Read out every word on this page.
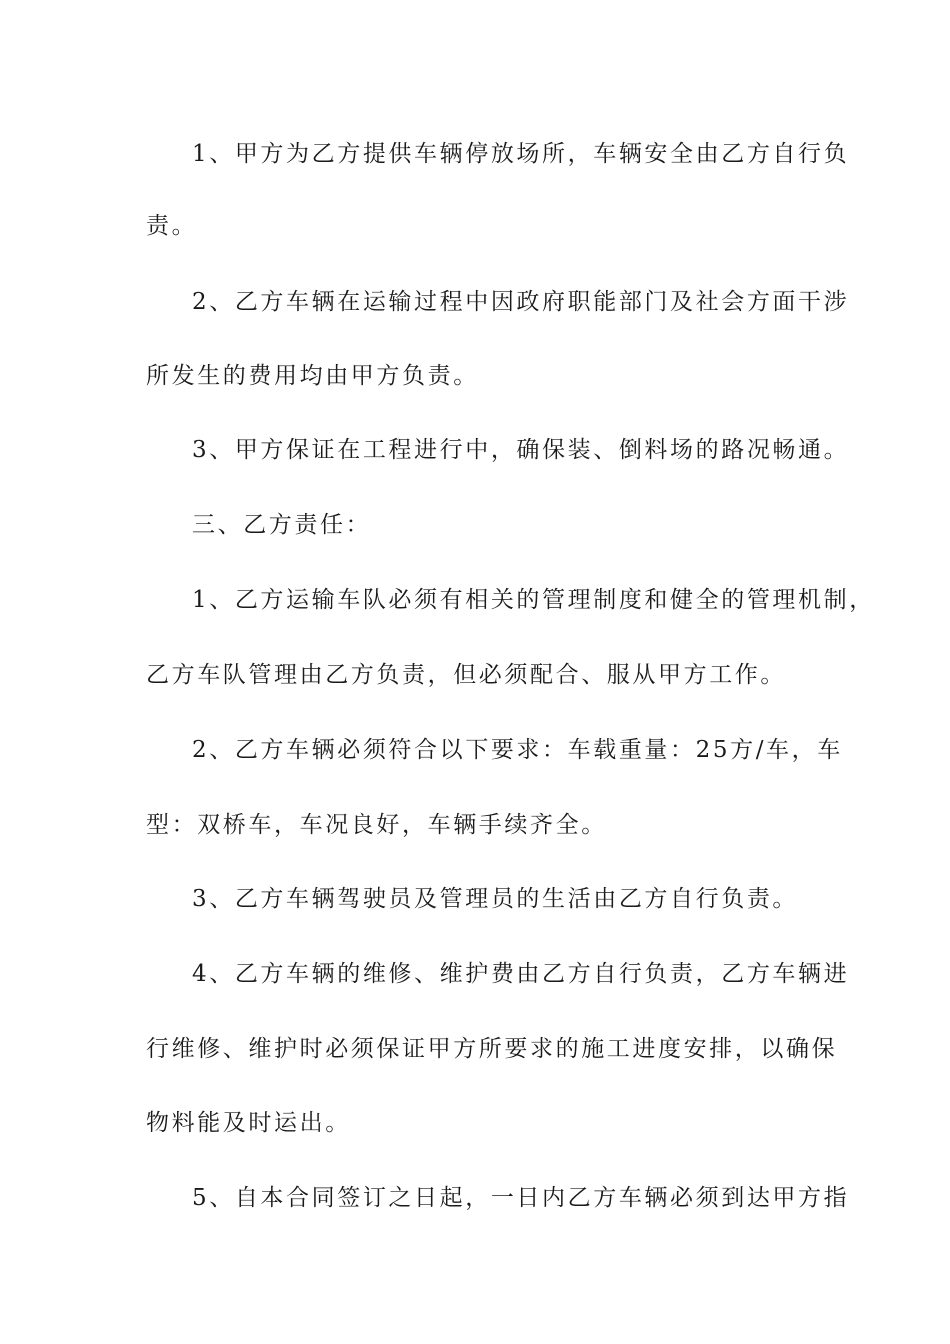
1、甲方为乙方提供车辆停放场所，车辆安全由乙方自行负
责。
2、乙方车辆在运输过程中因政府职能部门及社会方面干涉
所发生的费用均由甲方负责。
3、甲方保证在工程进行中，确保装、倒料场的路况畅通。
三、乙方责任：
1、乙方运输车队必须有相关的管理制度和健全的管理机制，
乙方车队管理由乙方负责，但必须配合、服从甲方工作。
2、乙方车辆必须符合以下要求：车载重量：25方/车，车
型：双桥车，车况良好，车辆手续齐全。
3、乙方车辆驾驶员及管理员的生活由乙方自行负责。
4、乙方车辆的维修、维护费由乙方自行负责，乙方车辆进
行维修、维护时必须保证甲方所要求的施工进度安排，以确保
物料能及时运出。
5、自本合同签订之日起，一日内乙方车辆必须到达甲方指
